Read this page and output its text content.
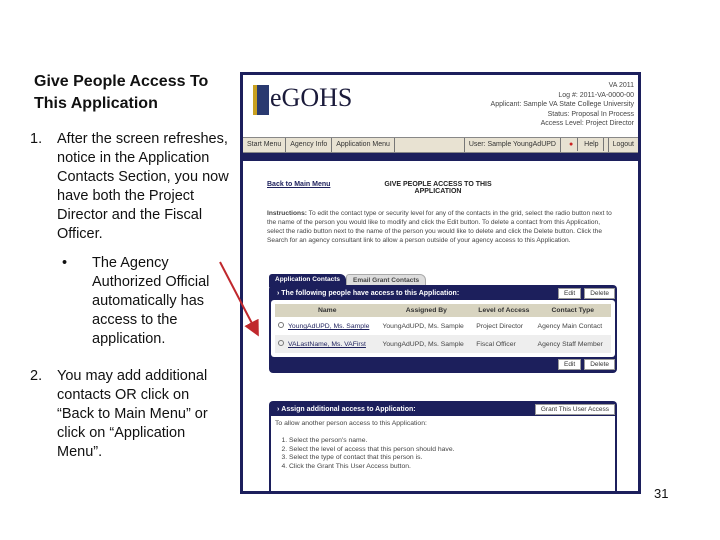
Give People Access To This Application
1. After the screen refreshes, notice in the Application Contacts Section, you now have both the Project Director and the Fiscal Officer.
• The Agency Authorized Official automatically has access to the application.
2. You may add additional contacts OR click on “Back to Main Menu” or click on “Application Menu”.
eGOHS	VA 2011
Log #: 2011-VA-0000-00
Applicant: Sample VA State College University
Status: Proposal In Process
Access Level: Project Director
Start Menu	Agency Info	Application Menu	User: Sample YoungAdUPD	● Help	Logout
Back to Main Menu	GIVE PEOPLE ACCESS TO THIS APPLICATION
Instructions: To edit the contact type or security level for any of the contacts in the grid, select the radio button next to the name of the person you would like to modify and click the Edit button. To delete a contact from this Application, select the radio button next to the name of the person you would like to delete and click the Delete button. Click the Search for an agency consultant link to allow a person outside of your agency access to this Application.
Application Contacts	Email Grant Contacts
› The following people have access to this Application:	Edit	Delete
Name	Assigned By	Level of Access	Contact Type
YoungAdUPD, Ms. Sample	YoungAdUPD, Ms. Sample	Project Director	Agency Main Contact
VALastName, Ms. VAFirst	YoungAdUPD, Ms. Sample	Fiscal Officer	Agency Staff Member
Edit	Delete
› Assign additional access to Application:	Grant This User Access
To allow another person access to this Application:
1. Select the person's name.
2. Select the level of access that this person should have.
3. Select the type of contact that this person is.
4. Click the Grant This User Access button.
31
